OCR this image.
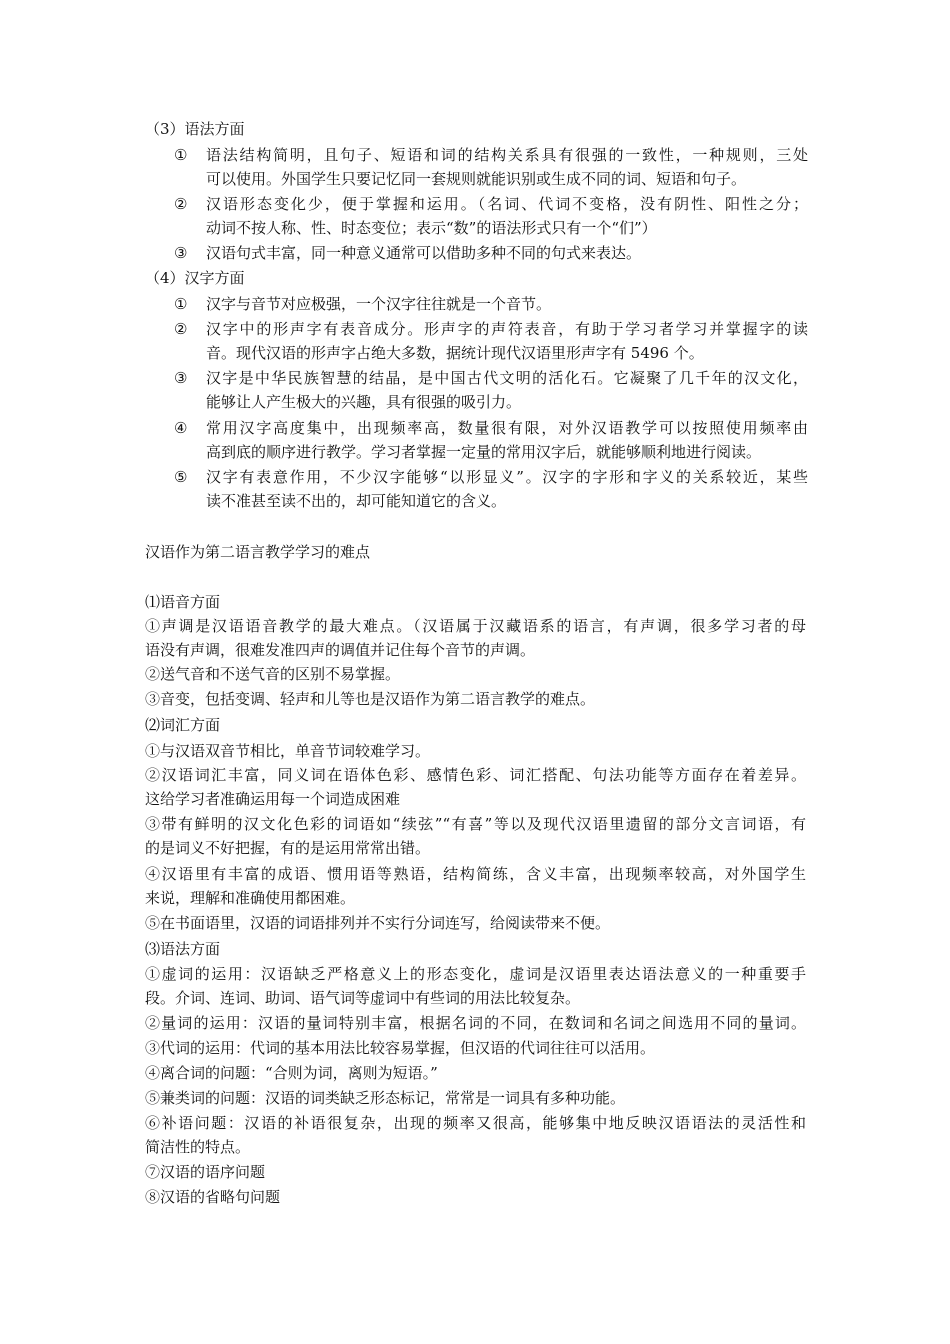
（3）语法方面
① 语法结构简明，且句子、短语和词的结构关系具有很强的一致性，一种规则，三处
可以使用。外国学生只要记忆同一套规则就能识别或生成不同的词、短语和句子。
② 汉语形态变化少，便于掌握和运用。（名词、代词不变格，没有阴性、阳性之分；
动词不按人称、性、时态变位；表示“数”的语法形式只有一个“们”）
③ 汉语句式丰富，同一种意义通常可以借助多种不同的句式来表达。
（4）汉字方面
① 汉字与音节对应极强，一个汉字往往就是一个音节。
② 汉字中的形声字有表音成分。形声字的声符表音，有助于学习者学习并掌握字的读
音。现代汉语的形声字占绝大多数，据统计现代汉语里形声字有 5496 个。
③ 汉字是中华民族智慧的结晶，是中国古代文明的活化石。它凝聚了几千年的汉文化，
能够让人产生极大的兴趣，具有很强的吸引力。
④ 常用汉字高度集中，出现频率高，数量很有限，对外汉语教学可以按照使用频率由
高到底的顺序进行教学。学习者掌握一定量的常用汉字后，就能够顺利地进行阅读。
⑤ 汉字有表意作用，不少汉字能够“以形显义”。汉字的字形和字义的关系较近，某些
读不准甚至读不出的，却可能知道它的含义。
汉语作为第二语言教学学习的难点
⑴语音方面
①声调是汉语语音教学的最大难点。（汉语属于汉藏语系的语言，有声调，很多学习者的母
语没有声调，很难发准四声的调值并记住每个音节的声调。
②送气音和不送气音的区别不易掌握。
③音变，包括变调、轻声和儿等也是汉语作为第二语言教学的难点。
⑵词汇方面
①与汉语双音节相比，单音节词较难学习。
②汉语词汇丰富，同义词在语体色彩、感情色彩、词汇搭配、句法功能等方面存在着差异。
这给学习者准确运用每一个词造成困难
③带有鲜明的汉文化色彩的词语如“续弦”“有喜”等以及现代汉语里遗留的部分文言词语，有
的是词义不好把握，有的是运用常常出错。
④汉语里有丰富的成语、惯用语等熟语，结构简练，含义丰富，出现频率较高，对外国学生
来说，理解和准确使用都困难。
⑤在书面语里，汉语的词语排列并不实行分词连写，给阅读带来不便。
⑶语法方面
①虚词的运用：汉语缺乏严格意义上的形态变化，虚词是汉语里表达语法意义的一种重要手
段。介词、连词、助词、语气词等虚词中有些词的用法比较复杂。
②量词的运用：汉语的量词特别丰富，根据名词的不同，在数词和名词之间选用不同的量词。
③代词的运用：代词的基本用法比较容易掌握，但汉语的代词往往可以活用。
④离合词的问题：“合则为词，离则为短语。”
⑤兼类词的问题：汉语的词类缺乏形态标记，常常是一词具有多种功能。
⑥补语问题：汉语的补语很复杂，出现的频率又很高，能够集中地反映汉语语法的灵活性和
简洁性的特点。
⑦汉语的语序问题
⑧汉语的省略句问题
